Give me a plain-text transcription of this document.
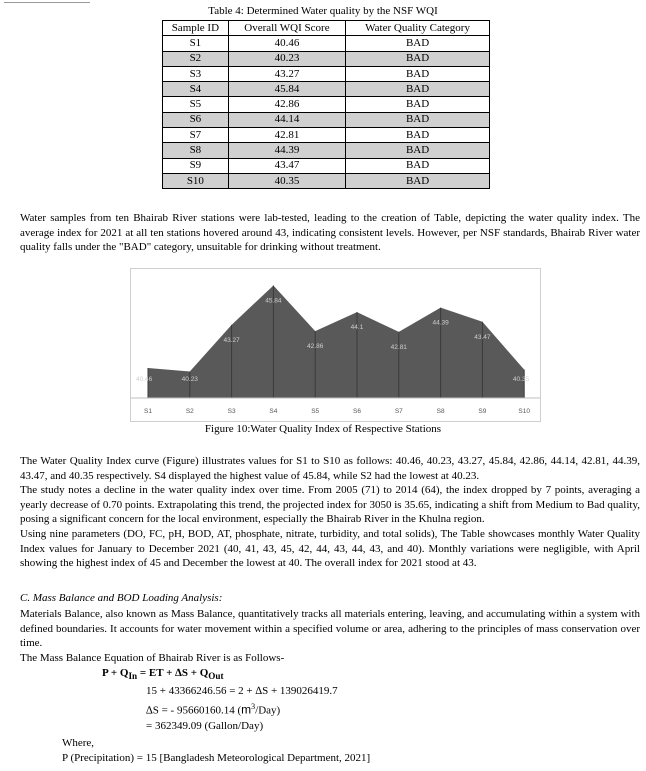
Table 4: Determined Water quality by the NSF WQI
Sample ID	Overall WQI Score	Water Quality Category
S1	40.46	BAD
S2	40.23	BAD
S3	43.27	BAD
S4	45.84	BAD
S5	42.86	BAD
S6	44.14	BAD
S7	42.81	BAD
S8	44.39	BAD
S9	43.47	BAD
S10	40.35	BAD

Water samples from ten Bhairab River stations were lab-tested, leading to the creation of Table, depicting the water quality index. The average index for 2021 at all ten stations hovered around 43, indicating consistent levels. However, per NSF standards, Bhairab River water quality falls under the "BAD" category, unsuitable for drinking without treatment.

40.46	40.23
43.27
45.84
42.86
44.1
42.81
44.39
43.47
40.35
S1	S2	S3	S4	S5	S6	S7	S8	S9	S10
Figure 10:Water Quality Index of Respective Stations

The Water Quality Index curve (Figure) illustrates values for S1 to S10 as follows: 40.46, 40.23, 43.27, 45.84, 42.86, 44.14, 42.81, 44.39, 43.47, and 40.35 respectively. S4 displayed the highest value of 45.84, while S2 had the lowest at 40.23.

The study notes a decline in the water quality index over time. From 2005 (71) to 2014 (64), the index dropped by 7 points, averaging a yearly decrease of 0.70 points. Extrapolating this trend, the projected index for 3050 is 35.65, indicating a shift from Medium to Bad quality, posing a significant concern for the local environment, especially the Bhairab River in the Khulna region.

Using nine parameters (DO, FC, pH, BOD, AT, phosphate, nitrate, turbidity, and total solids), The Table showcases monthly Water Quality Index values for January to December 2021 (40, 41, 43, 45, 42, 44, 43, 44, 43, and 40). Monthly variations were negligible, with April showing the highest index of 45 and December the lowest at 40. The overall index for 2021 stood at 43.

C. Mass Balance and BOD Loading Analysis:

Materials Balance, also known as Mass Balance, quantitatively tracks all materials entering, leaving, and accumulating within a system with defined boundaries. It accounts for water movement within a specified volume or area, adhering to the principles of mass conservation over time.

The Mass Balance Equation of Bhairab River is as Follows-

$P + Q_{In}$ = ET + $\Delta S + Q_{Out}$
15 + 43366246.56 = 2 + ∆S + 139026419.7
∆S = - 95660160.14 $(m^3/Day)$
= 362349.09 (Gallon/Day)
Where,
P (Precipitation) = 15 [Bangladesh Meteorological Department, 2021]
